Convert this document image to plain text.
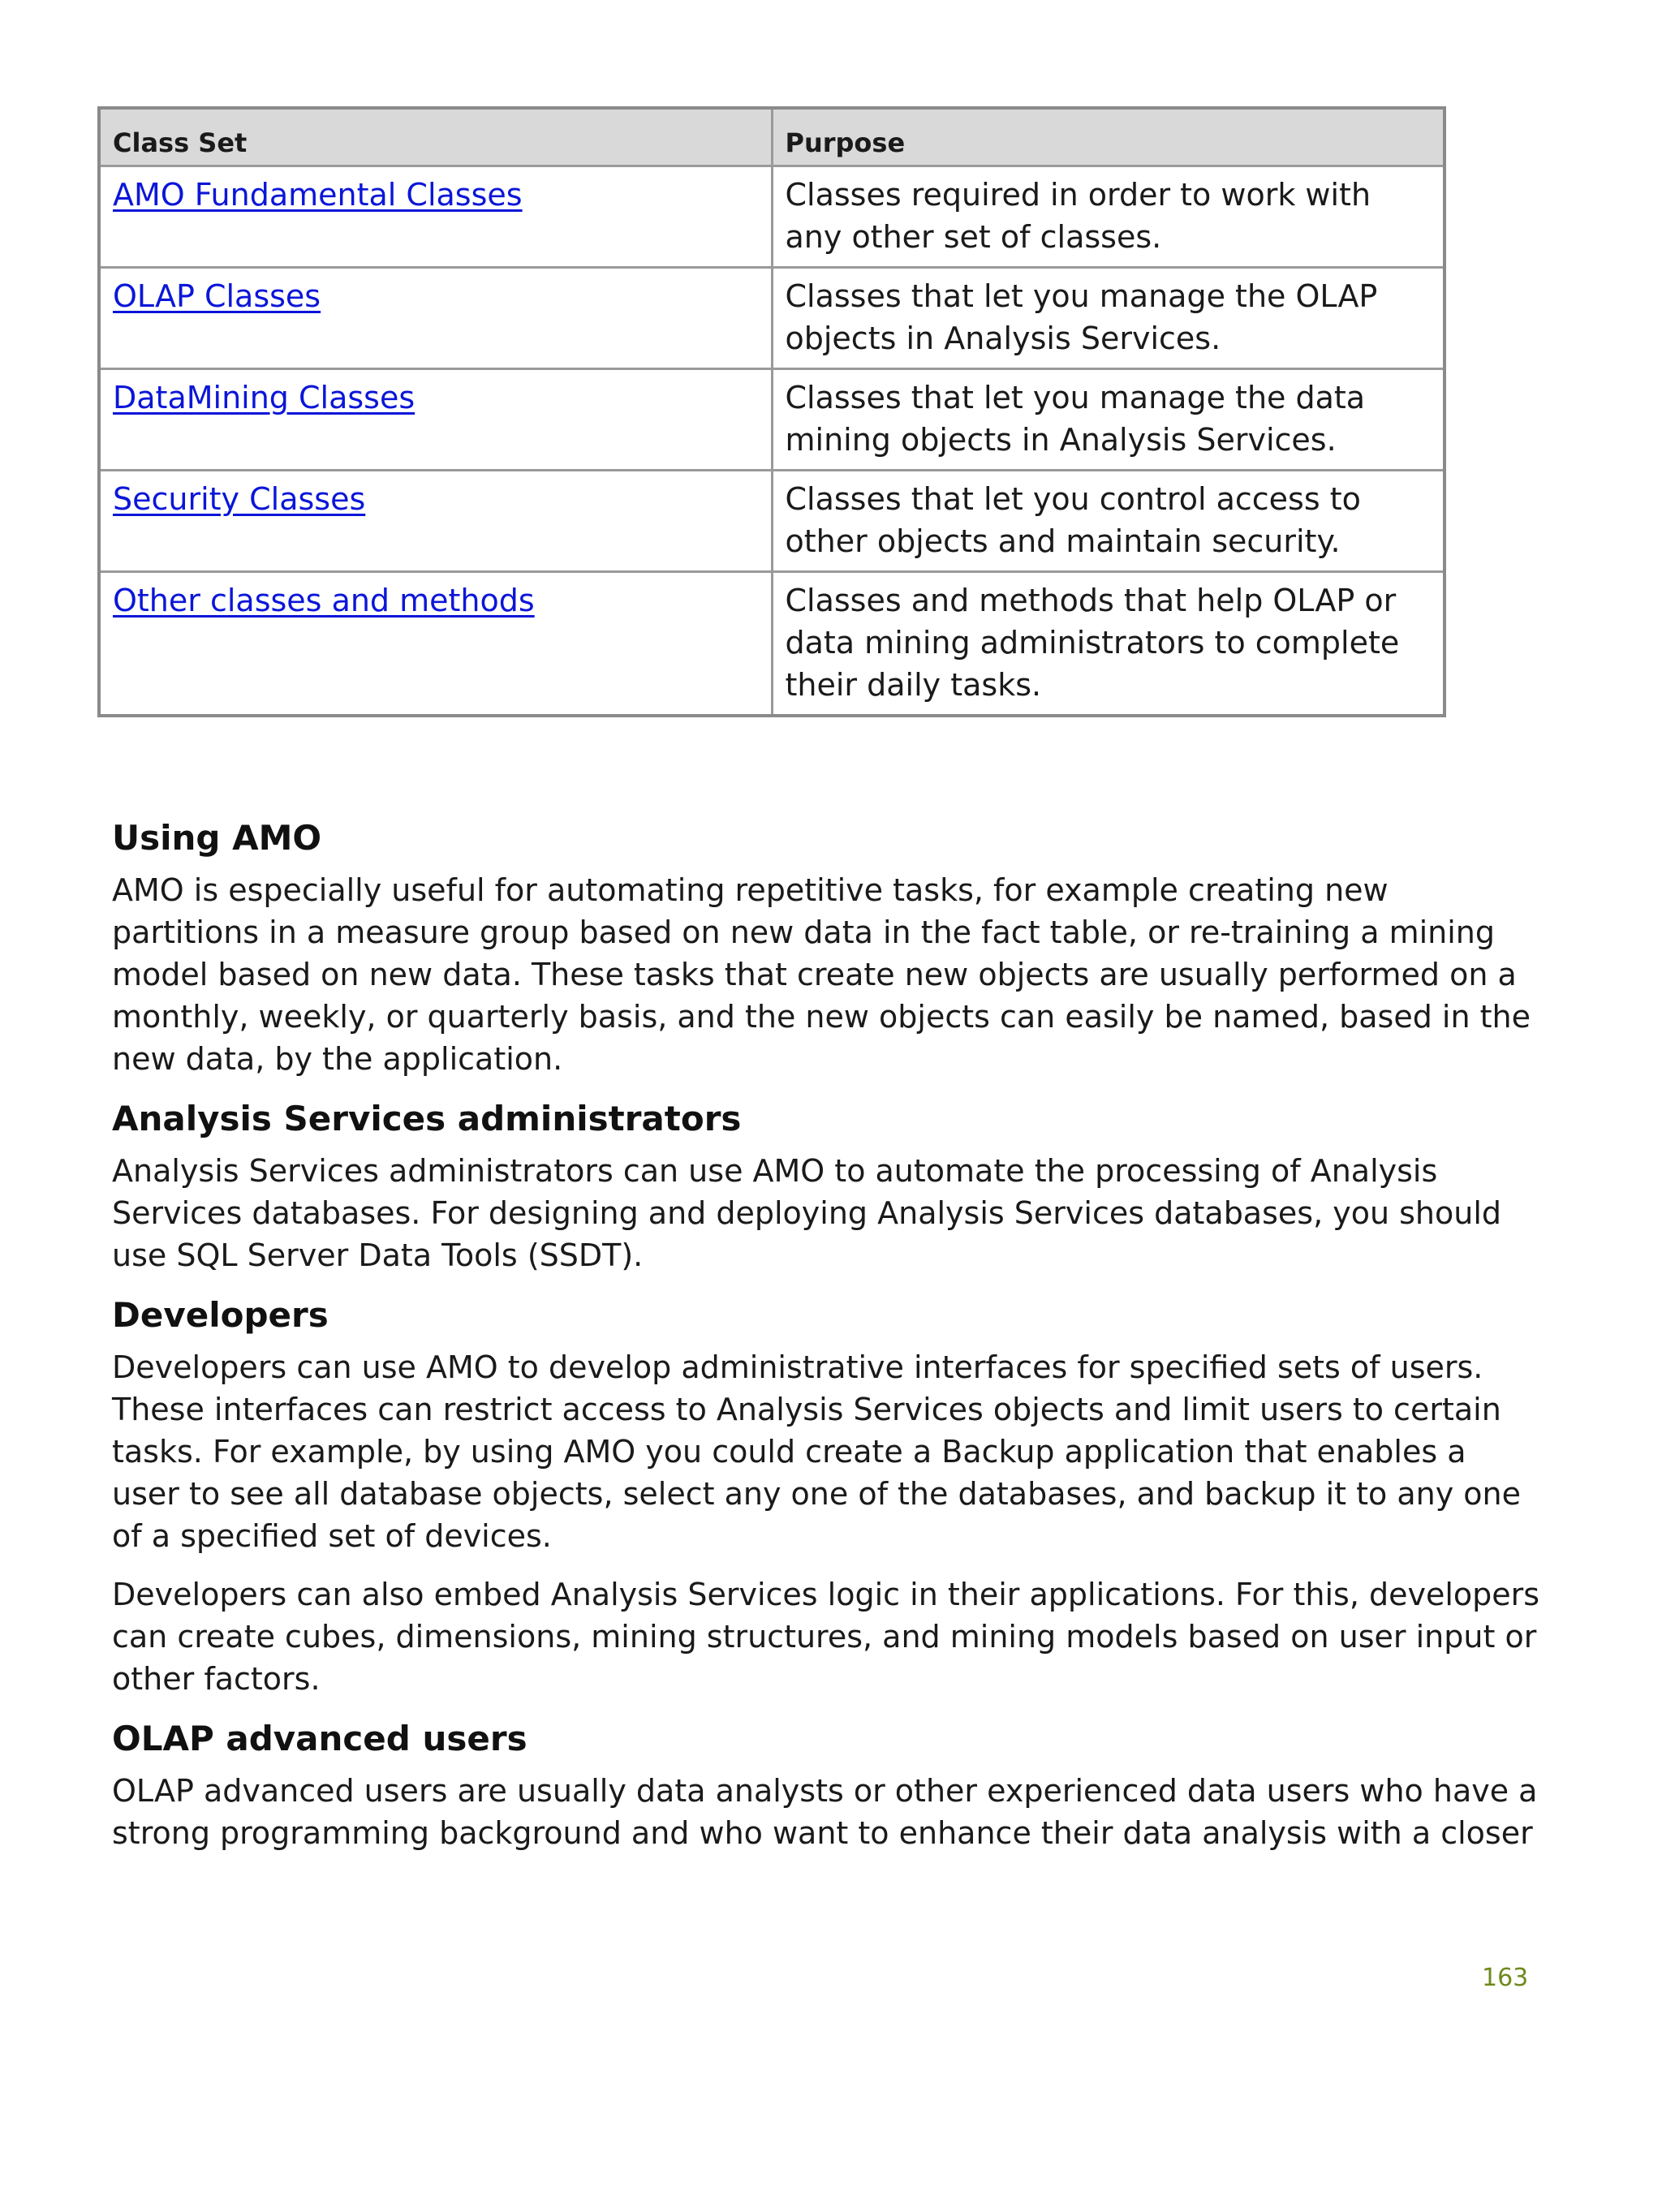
Class Set	Purpose
AMO Fundamental Classes	Classes required in order to work with any other set of classes.
OLAP Classes	Classes that let you manage the OLAP objects in Analysis Services.
DataMining Classes	Classes that let you manage the data mining objects in Analysis Services.
Security Classes	Classes that let you control access to other objects and maintain security.
Other classes and methods	Classes and methods that help OLAP or data mining administrators to complete their daily tasks.
Using AMO

AMO is especially useful for automating repetitive tasks, for example creating new partitions in a measure group based on new data in the fact table, or re-training a mining model based on new data. These tasks that create new objects are usually performed on a monthly, weekly, or quarterly basis, and the new objects can easily be named, based in the new data, by the application.

Analysis Services administrators

Analysis Services administrators can use AMO to automate the processing of Analysis Services databases. For designing and deploying Analysis Services databases, you should use SQL Server Data Tools (SSDT).

Developers

Developers can use AMO to develop administrative interfaces for specified sets of users. These interfaces can restrict access to Analysis Services objects and limit users to certain tasks. For example, by using AMO you could create a Backup application that enables a user to see all database objects, select any one of the databases, and backup it to any one of a specified set of devices.

Developers can also embed Analysis Services logic in their applications. For this, developers can create cubes, dimensions, mining structures, and mining models based on user input or other factors.

OLAP advanced users

OLAP advanced users are usually data analysts or other experienced data users who have a strong programming background and who want to enhance their data analysis with a closer

163
